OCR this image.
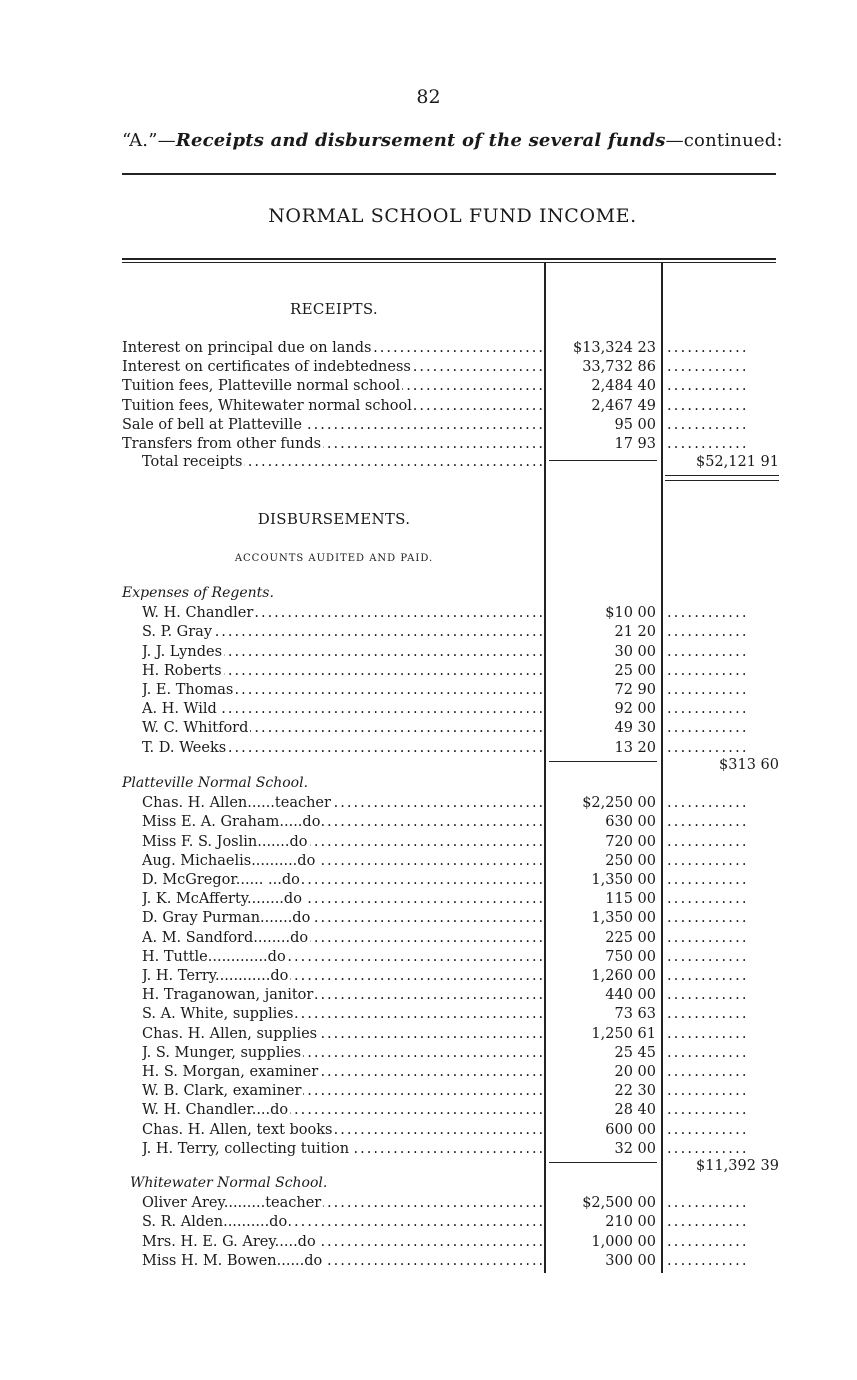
82
“A.”—Receipts and disbursement of the several funds—continued:
NORMAL SCHOOL FUND INCOME.
RECEIPTS.
Interest on principal due on lands .....	$13,324 23 ............
Interest on certificates of indebtedness .....	33,732 86 ............
Tuition fees, Platteville normal school .....	2,484 40 ............
Tuition fees, Whitewater normal school .....	2,467 49 ............
Sale of bell at Platteville .....	95 00 ............
Transfers from other funds .....	17 93 ............
Total receipts .....	$52,121 91
DISBURSEMENTS.
ACCOUNTS AUDITED AND PAID.
Expenses of Regents.
W. H. Chandler .....	$10 00 ............
S. P. Gray .....	21 20 ............
J. J. Lyndes .....	30 00 ............
H. Roberts .....	25 00 ............
J. E. Thomas .....	72 90 ............
A. H. Wild .....	92 00 ............
W. C. Whitford .....	49 30 ............
T. D. Weeks .....	13 20 ............
$313 60
Platteville Normal School.
Chas. H. Allen......teacher .....	$2,250 00 ............
Miss E. A. Graham.....do .....	630 00 ............
Miss F. S. Joslin.......do .....	720 00 ............
Aug. Michaelis..........do .....	250 00 ............
D. McGregor...... ...do .....	1,350 00 ............
J. K. McAfferty........do .....	115 00 ............
D. Gray Purman.......do .....	1,350 00 ............
A. M. Sandford........do .....	225 00 ............
H. Tuttle.............do .....	750 00 ............
J. H. Terry............do .....	1,260 00 ............
H. Traganowan, janitor .....	440 00 ............
S. A. White, supplies .....	73 63 ............
Chas. H. Allen, supplies .....	1,250 61 ............
J. S. Munger, supplies .....	25 45 ............
H. S. Morgan, examiner .....	20 00 ............
W. B. Clark, examiner .....	22 30 ............
W. H. Chandler....do .....	28 40 ............
Chas. H. Allen, text books .....	600 00 ............
J. H. Terry, collecting tuition .....	32 00 ............
$11,392 39
Whitewater Normal School.
Oliver Arey.........teacher .....	$2,500 00 ............
S. R. Alden..........do .....	210 00 ............
Mrs. H. E. G. Arey.....do .....	1,000 00 ............
Miss H. M. Bowen......do .....	300 00 ............
